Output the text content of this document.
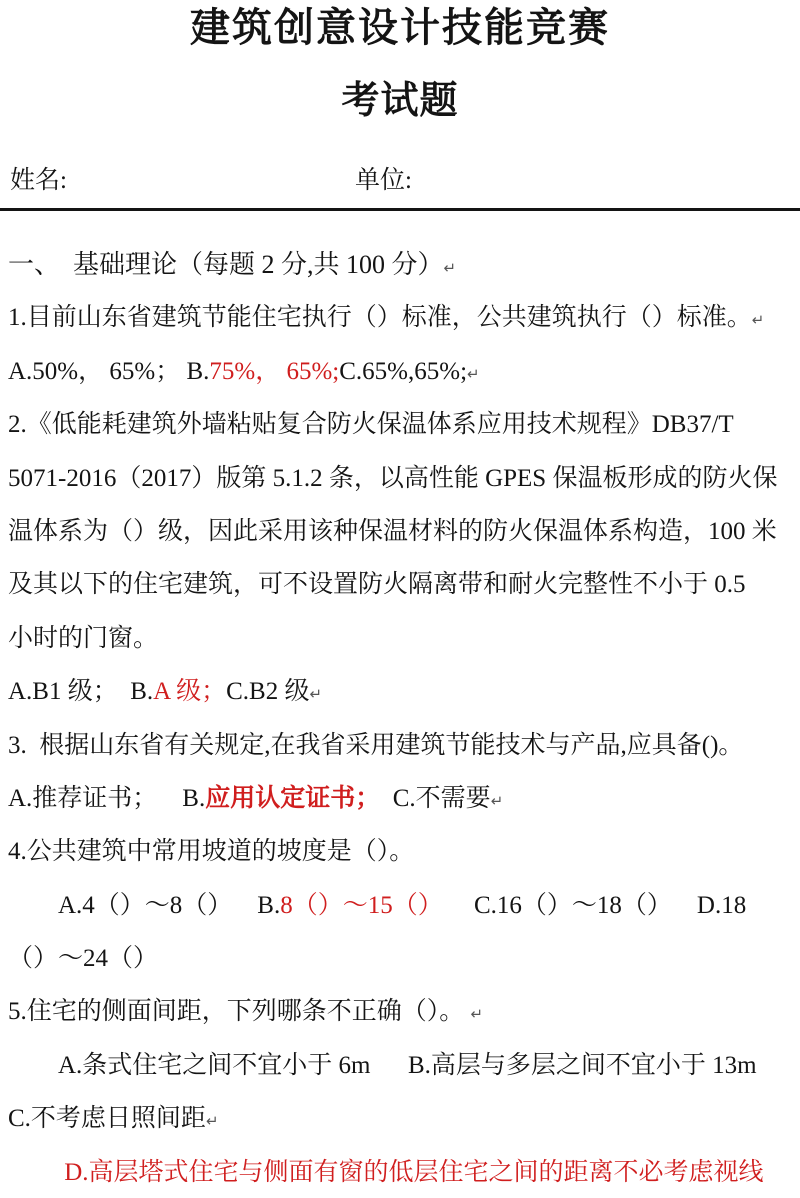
建筑创意设计技能竞赛
考试题
姓名:	单位:
一、  基础理论（每题 2 分,共 100 分）↵
1.目前山东省建筑节能住宅执行（）标准，公共建筑执行（）标准。↵
A.50%， 65%； B.75%， 65%;C.65%,65%;↵
2.《低能耗建筑外墙粘贴复合防火保温体系应用技术规程》DB37/T
5071-2016（2017）版第 5.1.2 条，以高性能 GPES 保温板形成的防火保
温体系为（）级，因此采用该种保温材料的防火保温体系构造，100 米
及其以下的住宅建筑，可不设置防火隔离带和耐火完整性不小于 0.5
小时的门窗。
A.B1 级；  B.A 级；C.B2 级↵
3.  根据山东省有关规定,在我省采用建筑节能技术与产品,应具备()。
A.推荐证书；    B.应用认定证书；  C.不需要↵
4.公共建筑中常用坡道的坡度是（）。
　　A.4（）～8（）　  B.8（）～15（）　   C.16（）～18（）　  D.18
（）～24（）
5.住宅的侧面间距，下列哪条不正确（）。 ↵
　　A.条式住宅之间不宜小于 6m　  B.高层与多层之间不宜小于 13m
C.不考虑日照间距↵
　　 D.高层塔式住宅与侧面有窗的低层住宅之间的距离不必考虑视线
